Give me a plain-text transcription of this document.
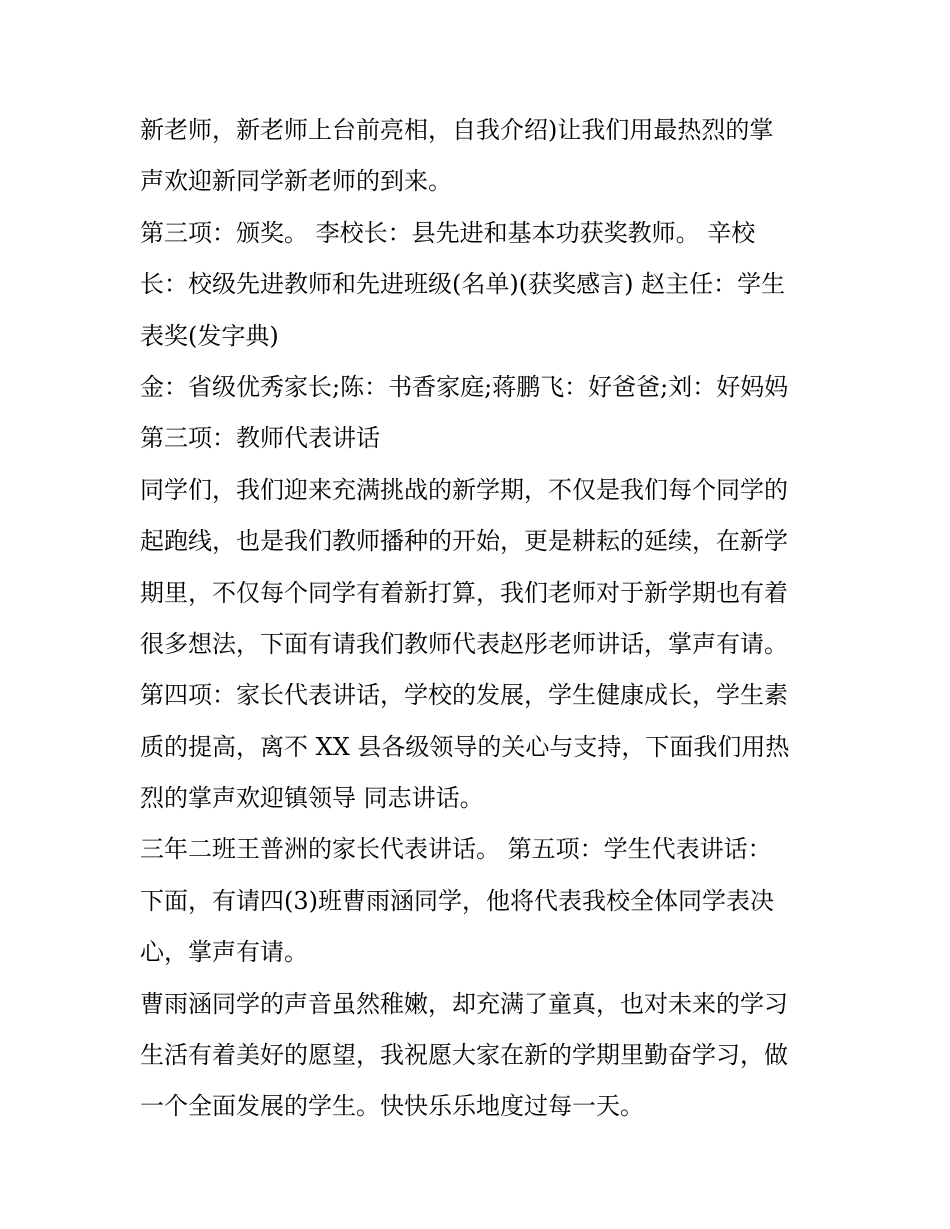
新老师，新老师上台前亮相，自我介绍)让我们用最热烈的掌
声欢迎新同学新老师的到来。
第三项：颁奖。 李校长：县先进和基本功获奖教师。 辛校
长：校级先进教师和先进班级(名单)(获奖感言) 赵主任：学生
表奖(发字典)
金：省级优秀家长;陈：书香家庭;蒋鹏飞：好爸爸;刘：好妈妈
第三项：教师代表讲话
同学们，我们迎来充满挑战的新学期，不仅是我们每个同学的
起跑线，也是我们教师播种的开始，更是耕耘的延续，在新学
期里，不仅每个同学有着新打算，我们老师对于新学期也有着
很多想法，下面有请我们教师代表赵彤老师讲话，掌声有请。
第四项：家长代表讲话，学校的发展，学生健康成长，学生素
质的提高，离不 XX 县各级领导的关心与支持，下面我们用热
烈的掌声欢迎镇领导 同志讲话。
三年二班王普洲的家长代表讲话。 第五项：学生代表讲话：
下面，有请四(3)班曹雨涵同学，他将代表我校全体同学表决
心，掌声有请。
曹雨涵同学的声音虽然稚嫩，却充满了童真，也对未来的学习
生活有着美好的愿望，我祝愿大家在新的学期里勤奋学习，做
一个全面发展的学生。快快乐乐地度过每一天。
